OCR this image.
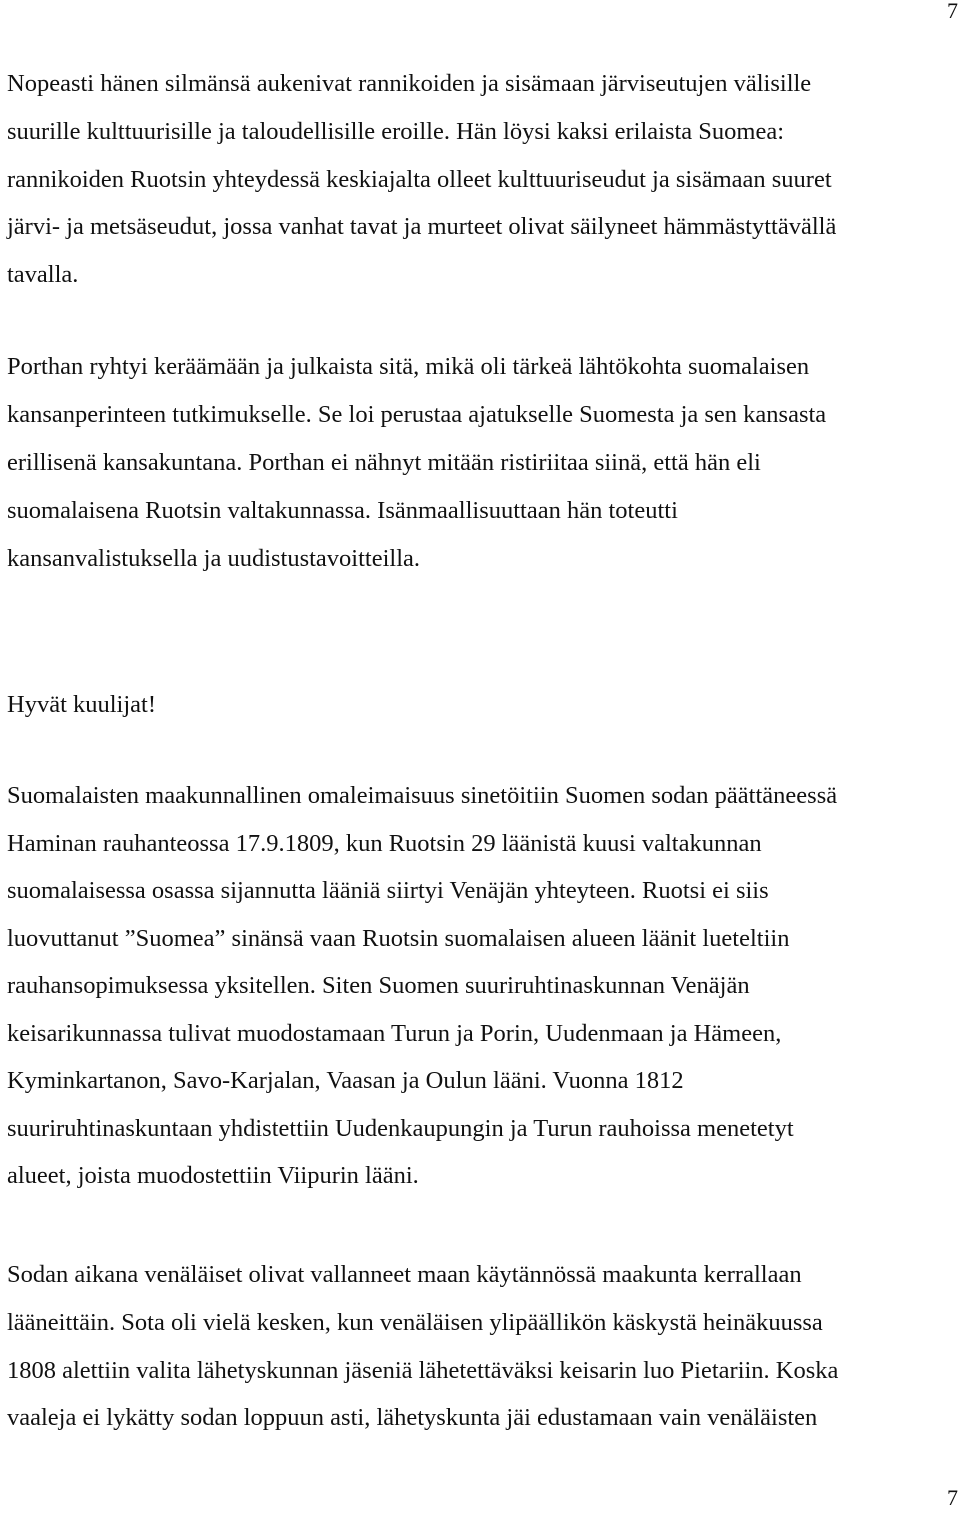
7

Nopeasti hänen silmänsä aukenivat rannikoiden ja sisämaan järviseutujen välisille
suurille kulttuurisille ja taloudellisille eroille. Hän löysi kaksi erilaista Suomea:
rannikoiden Ruotsin yhteydessä keskiajalta olleet kulttuuriseudut ja sisämaan suuret
järvi- ja metsäseudut, jossa vanhat tavat ja murteet olivat säilyneet hämmästyttävällä
tavalla.

Porthan ryhtyi keräämään ja julkaista sitä, mikä oli tärkeä lähtökohta suomalaisen
kansanperinteen tutkimukselle. Se loi perustaa ajatukselle Suomesta ja sen kansasta
erillisenä kansakuntana. Porthan ei nähnyt mitään ristiriitaa siinä, että hän eli
suomalaisena Ruotsin valtakunnassa. Isänmaallisuuttaan hän toteutti
kansanvalistuksella ja uudistustavoitteilla.

Hyvät kuulijat!

Suomalaisten maakunnallinen omaleimaisuus sinetöitiin Suomen sodan päättäneessä
Haminan rauhanteossa 17.9.1809, kun Ruotsin 29 läänistä kuusi valtakunnan
suomalaisessa osassa sijannutta lääniä siirtyi Venäjän yhteyteen. Ruotsi ei siis
luovuttanut ”Suomea” sinänsä vaan Ruotsin suomalaisen alueen läänit lueteltiin
rauhansopimuksessa yksitellen. Siten Suomen suuriruhtinaskunnan Venäjän
keisarikunnassa tulivat muodostamaan Turun ja Porin, Uudenmaan ja Hämeen,
Kyminkartanon, Savo-Karjalan, Vaasan ja Oulun lääni. Vuonna 1812
suuriruhtinaskuntaan yhdistettiin Uudenkaupungin ja Turun rauhoissa menetetyt
alueet, joista muodostettiin Viipurin lääni.

Sodan aikana venäläiset olivat vallanneet maan käytännössä maakunta kerrallaan
lääneittäin. Sota oli vielä kesken, kun venäläisen ylipäällikön käskystä heinäkuussa
1808 alettiin valita lähetyskunnan jäseniä lähetettäväksi keisarin luo Pietariin. Koska
vaaleja ei lykätty sodan loppuun asti, lähetyskunta jäi edustamaan vain venäläisten

7
